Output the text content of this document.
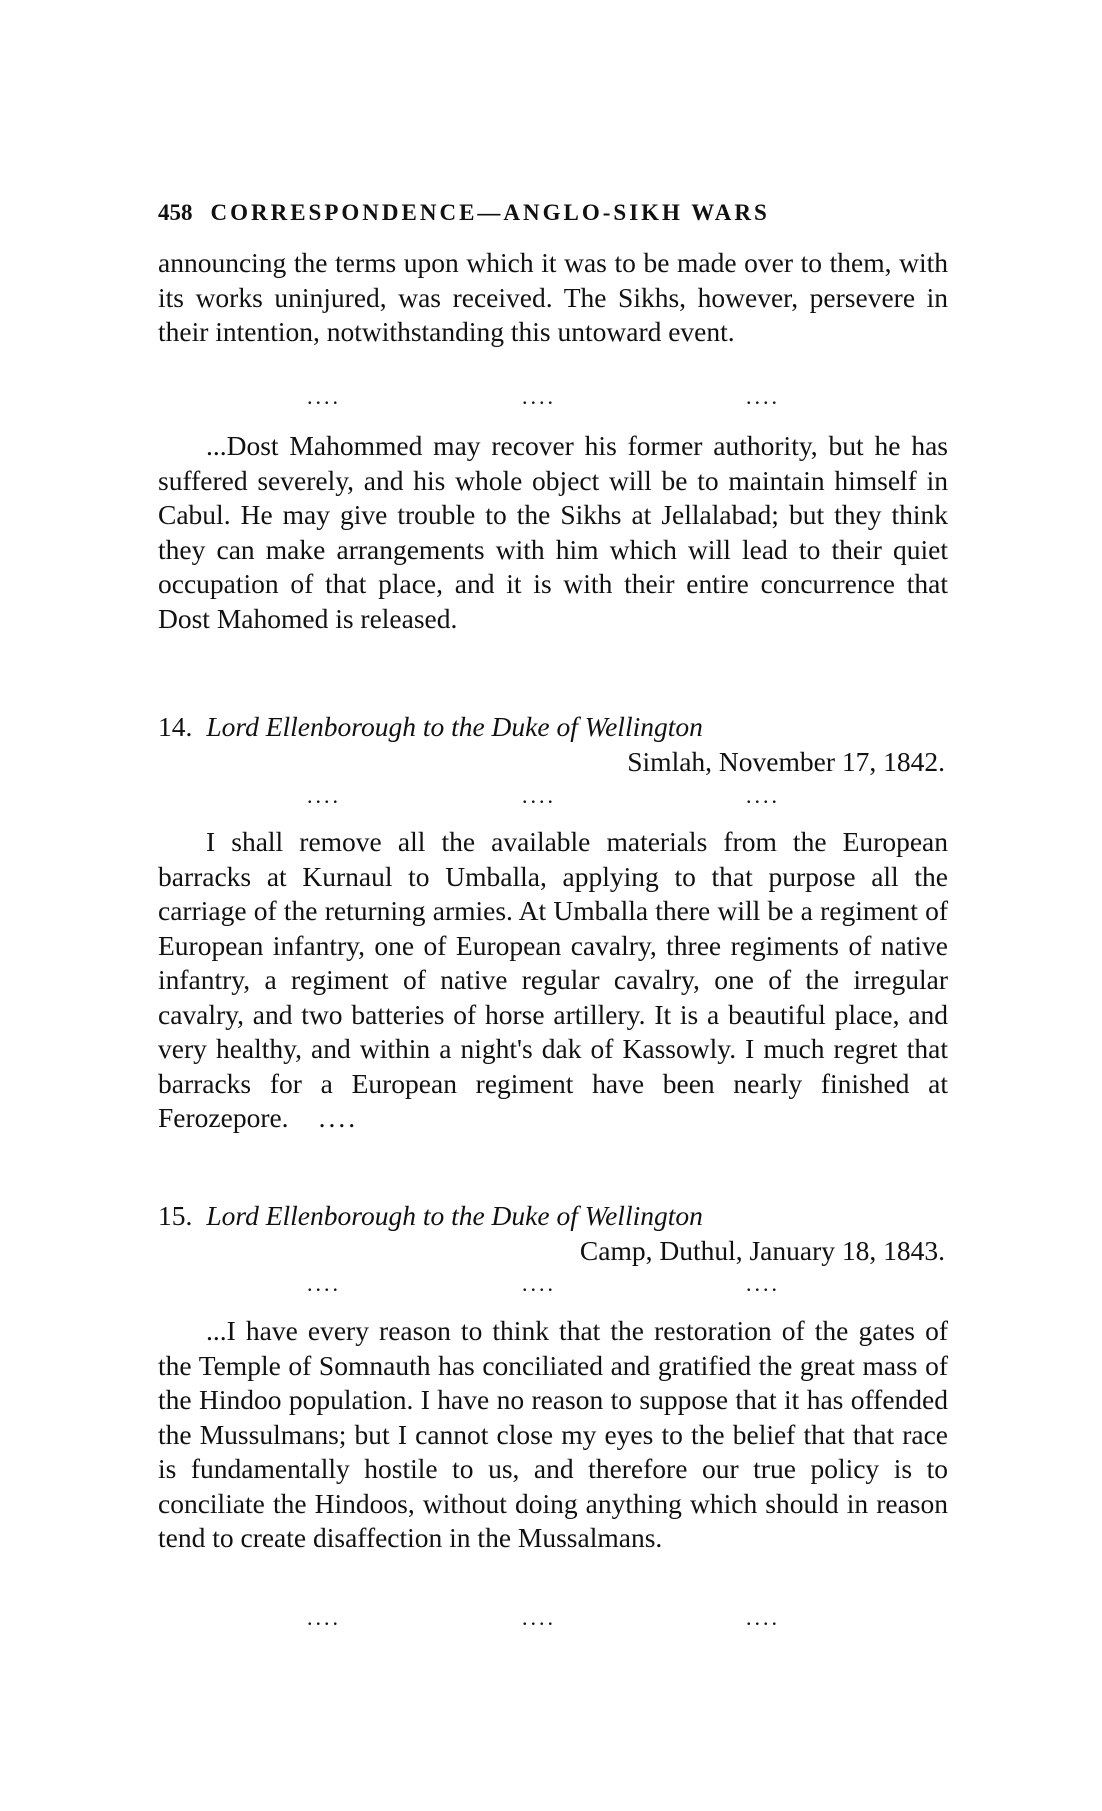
458 CORRESPONDENCE—ANGLO-SIKH WARS

announcing the terms upon which it was to be made over to them, with its works uninjured, was received. The Sikhs, however, persevere in their intention, notwithstanding this untoward event.

....	....	....

...Dost Mahommed may recover his former authority, but he has suffered severely, and his whole object will be to maintain himself in Cabul. He may give trouble to the Sikhs at Jellalabad; but they think they can make arrangements with him which will lead to their quiet occupation of that place, and it is with their entire concurrence that Dost Mahomed is released.

14. Lord Ellenborough to the Duke of Wellington
Simlah, November 17, 1842.
....	....	....

I shall remove all the available materials from the European barracks at Kurnaul to Umballa, applying to that purpose all the carriage of the returning armies. At Umballa there will be a regiment of European infantry, one of European cavalry, three regiments of native infantry, a regiment of native regular cavalry, one of the irregular cavalry, and two batteries of horse artillery. It is a beautiful place, and very healthy, and within a night's dak of Kassowly. I much regret that barracks for a European regiment have been nearly finished at Ferozepore. ....

15. Lord Ellenborough to the Duke of Wellington
Camp, Duthul, January 18, 1843.
....	....	....

...I have every reason to think that the restoration of the gates of the Temple of Somnauth has conciliated and gratified the great mass of the Hindoo population. I have no reason to suppose that it has offended the Mussulmans; but I cannot close my eyes to the belief that that race is fundamentally hostile to us, and therefore our true policy is to conciliate the Hindoos, without doing anything which should in reason tend to create disaffection in the Mussalmans.

....	....	....
